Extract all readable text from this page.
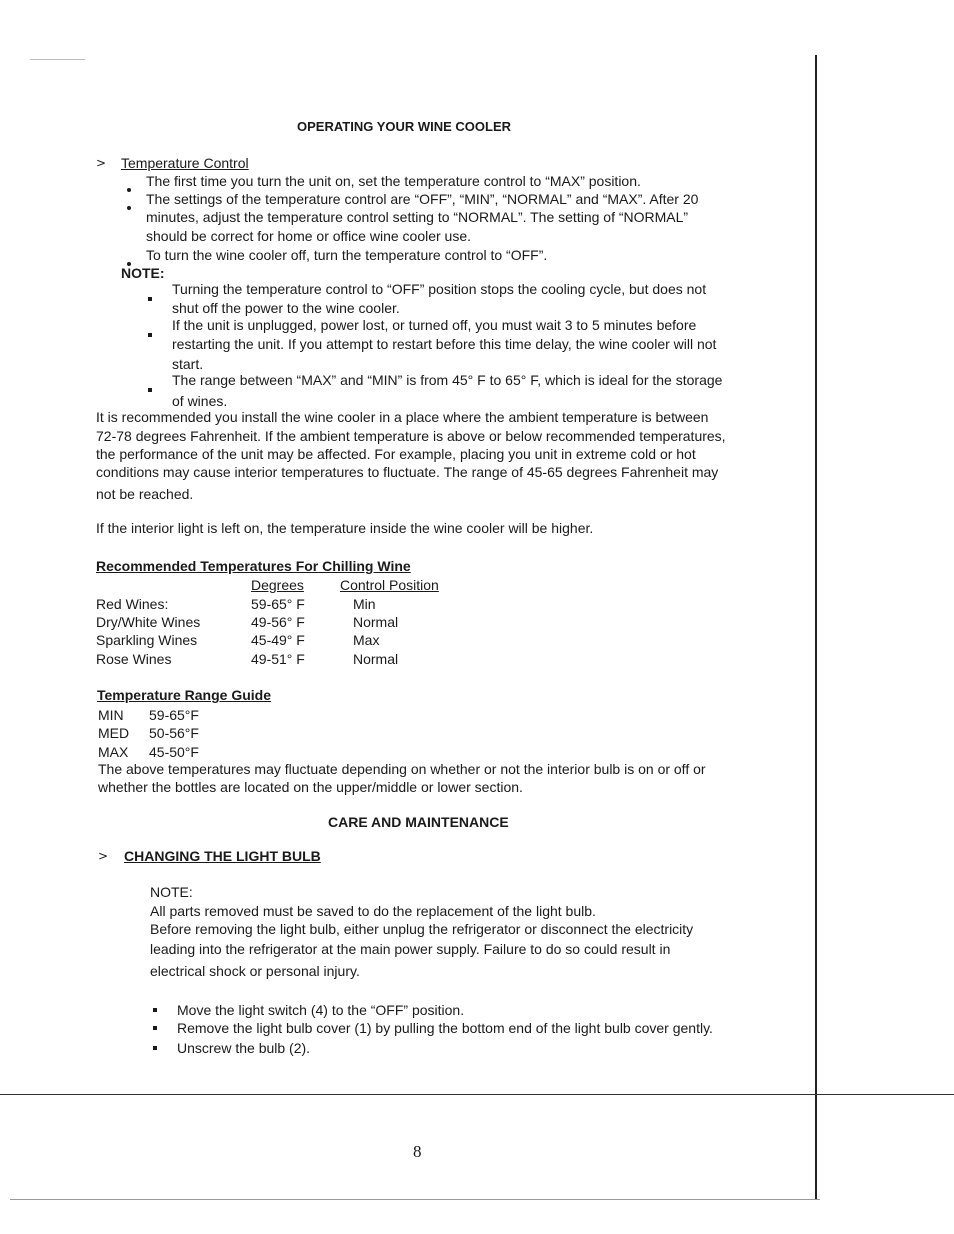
OPERATING YOUR WINE COOLER
> Temperature Control
The first time you turn the unit on, set the temperature control to “MAX” position.
The settings of the temperature control are “OFF”, “MIN”, “NORMAL” and “MAX”. After 20
minutes, adjust the temperature control setting to “NORMAL”. The setting of “NORMAL”
should be correct for home or office wine cooler use.
To turn the wine cooler off, turn the temperature control to “OFF”.
NOTE:
Turning the temperature control to “OFF” position stops the cooling cycle, but does not
shut off the power to the wine cooler.
If the unit is unplugged, power lost, or turned off, you must wait 3 to 5 minutes before
restarting the unit. If you attempt to restart before this time delay, the wine cooler will not
start.
The range between “MAX” and “MIN” is from 45° F to 65° F, which is ideal for the storage
of wines.
It is recommended you install the wine cooler in a place where the ambient temperature is between
72-78 degrees Fahrenheit. If the ambient temperature is above or below recommended temperatures,
the performance of the unit may be affected. For example, placing you unit in extreme cold or hot
conditions may cause interior temperatures to fluctuate. The range of 45-65 degrees Fahrenheit may
not be reached.
If the interior light is left on, the temperature inside the wine cooler will be higher.
Recommended Temperatures For Chilling Wine
Degrees	Control Position
Red Wines:	59-65° F	Min
Dry/White Wines	49-56° F	Normal
Sparkling Wines	45-49° F	Max
Rose Wines	49-51° F	Normal
Temperature Range Guide
MIN 59-65°F
MED 50-56°F
MAX 45-50°F
The above temperatures may fluctuate depending on whether or not the interior bulb is on or off or
whether the bottles are located on the upper/middle or lower section.
CARE AND MAINTENANCE
> CHANGING THE LIGHT BULB
NOTE:
All parts removed must be saved to do the replacement of the light bulb.
Before removing the light bulb, either unplug the refrigerator or disconnect the electricity
leading into the refrigerator at the main power supply. Failure to do so could result in
electrical shock or personal injury.
Move the light switch (4) to the “OFF” position.
Remove the light bulb cover (1) by pulling the bottom end of the light bulb cover gently.
Unscrew the bulb (2).
8
